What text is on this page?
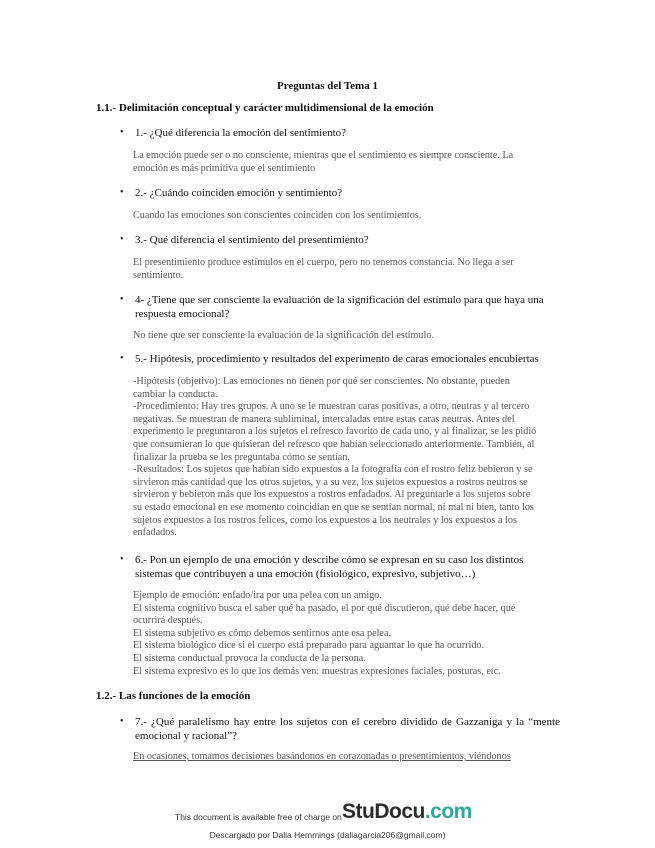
Preguntas del Tema 1
1.1.- Delimitación conceptual y carácter multidimensional de la emoción
• 1.- ¿Qué diferencia la emoción del sentimiento?
La emoción puede ser o no consciente, mientras que el sentimiento es siempre consciente. La
emoción es más primitiva que el sentimiento
• 2.- ¿Cuándo coinciden emoción y sentimiento?
Cuando las emociones son conscientes coinciden con los sentimientos.
• 3.- Qué diferencia el sentimiento del presentimiento?
El presentimiento produce estímulos en el cuerpo, pero no tenemos constancia. No llega a ser
sentimiento.
• 4- ¿Tiene que ser consciente la evaluación de la significación del estímulo para que haya una respuesta emocional?
No tiene que ser consciente la evaluación de la significación del estímulo.
• 5.- Hipótesis, procedimiento y resultados del experimento de caras emocionales encubiertas
-Hipótesis (objetivo): Las emociones no tienen por qué ser conscientes. No obstante, pueden
cambiar la conducta.
-Procedimiento: Hay tres grupos. A uno se le muestran caras positivas, a otro, neutras y al tercero
negativas. Se muestran de manera subliminal, intercaladas entre estas caras neutras. Antes del
experimento le preguntaron a los sujetos el refresco favorito de cada uno, y al finalizar, se les pidió
que consumieran lo que quisieran del refresco que habían seleccionado anteriormente. También, al
finalizar la prueba se les preguntaba cómo se sentían.
-Resultados: Los sujetos que habían sido expuestos a la fotografía con el rostro feliz bebieron y se
sirvieron más cantidad que los otros sujetos, y a su vez, los sujetos expuestos a rostros neutros se
sirvieron y bebieron más que los expuestos a rostros enfadados. Al preguntarle a los sujetos sobre
su estado emocional en ese momento coincidían en que se sentían normal, ni mal ni bien, tanto los
sujetos expuestos a los rostros felices, como los expuestos a los neutrales y los expuestos a los
enfadados.
• 6.- Pon un ejemplo de una emoción y describe cómo se expresan en su caso los distintos sistemas que contribuyen a una emoción (fisiológico, expresivo, subjetivo…)
Ejemplo de emoción: enfado/ira por una pelea con un amigo.
El sistema cognitivo busca el saber qué ha pasado, el por qué discutieron, qué debe hacer, qué
ocurrirá después.
El sistema subjetivo es cómo debemos sentirnos ante esa pelea.
El sistema biológico dice si el cuerpo está preparado para aguantar lo que ha ocurrido.
El sistema conductual provoca la conducta de la persona.
El sistema expresivo es lo que los demás ven: muestras expresiones faciales, posturas, etc.
1.2.- Las funciones de la emoción
• 7.- ¿Qué paralelismo hay entre los sujetos con el cerebro dividido de Gazzaniga y la “mente emocional y racional”?
En ocasiones, tomamos decisiones basándonos en corazonadas o presentimientos, viéndonos
This document is available free of charge on StuDocu.com
Descargado por Dalia Hemmings (daliagarcia206@gmail.com)
